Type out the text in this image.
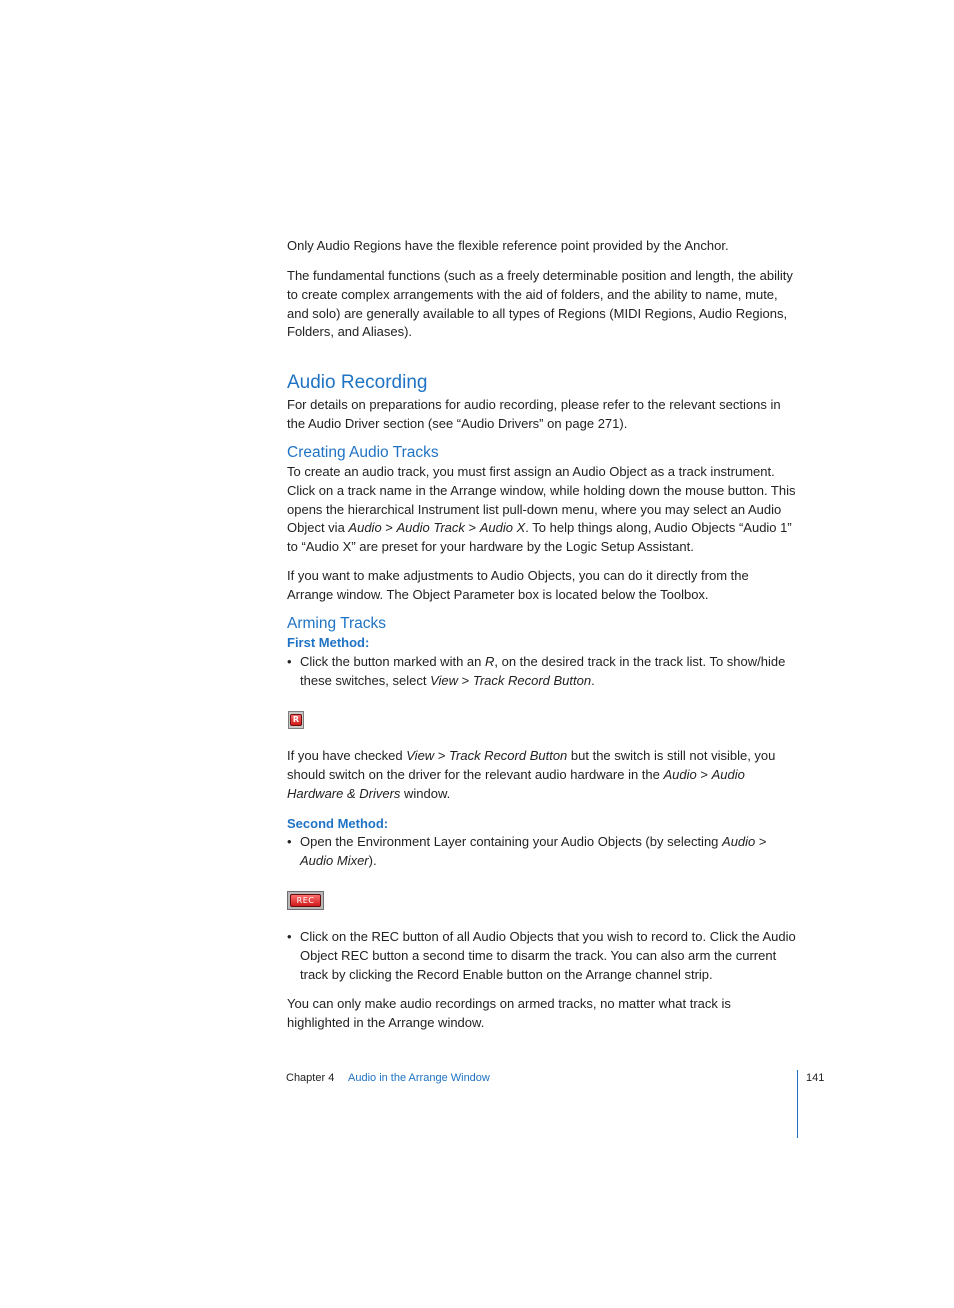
Only Audio Regions have the flexible reference point provided by the Anchor.

The fundamental functions (such as a freely determinable position and length, the ability to create complex arrangements with the aid of folders, and the ability to name, mute, and solo) are generally available to all types of Regions (MIDI Regions, Audio Regions, Folders, and Aliases).

Audio Recording

For details on preparations for audio recording, please refer to the relevant sections in the Audio Driver section (see “Audio Drivers” on page 271).

Creating Audio Tracks

To create an audio track, you must first assign an Audio Object as a track instrument. Click on a track name in the Arrange window, while holding down the mouse button. This opens the hierarchical Instrument list pull-down menu, where you may select an Audio Object via Audio > Audio Track > Audio X. To help things along, Audio Objects “Audio 1” to “Audio X” are preset for your hardware by the Logic Setup Assistant.

If you want to make adjustments to Audio Objects, you can do it directly from the Arrange window. The Object Parameter box is located below the Toolbox.

Arming Tracks
First Method:
• Click the button marked with an R, on the desired track in the track list. To show/hide these switches, select View > Track Record Button.
R

If you have checked View > Track Record Button but the switch is still not visible, you should switch on the driver for the relevant audio hardware in the Audio > Audio Hardware & Drivers window.

Second Method:
• Open the Environment Layer containing your Audio Objects (by selecting Audio > Audio Mixer).
REC
• Click on the REC button of all Audio Objects that you wish to record to. Click the Audio Object REC button a second time to disarm the track. You can also arm the current track by clicking the Record Enable button on the Arrange channel strip.

You can only make audio recordings on armed tracks, no matter what track is highlighted in the Arrange window.

Chapter 4 Audio in the Arrange Window	141
